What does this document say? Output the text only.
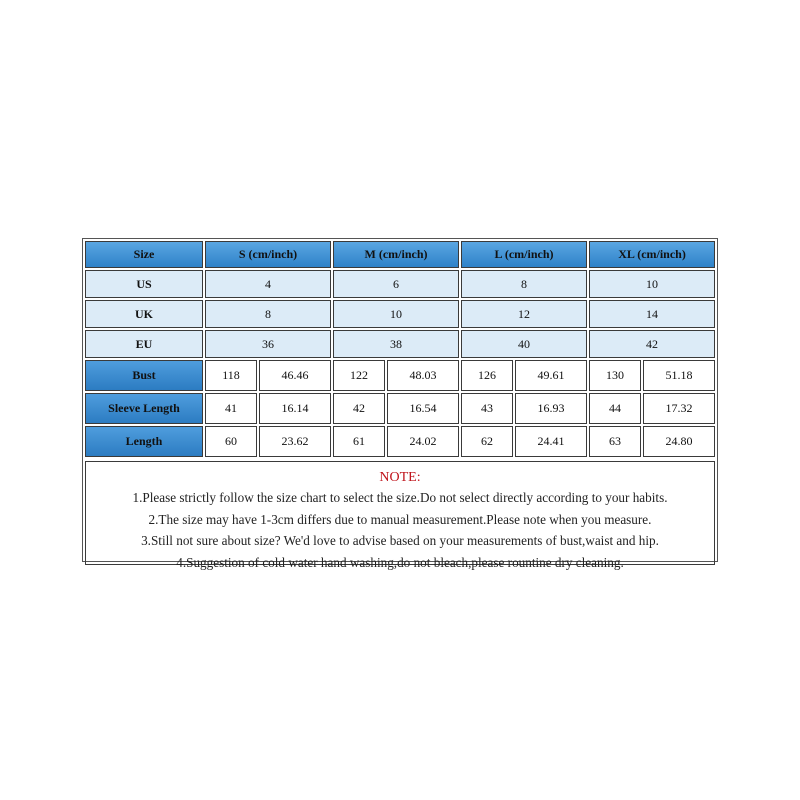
Size	S (cm/inch)		M (cm/inch)		L (cm/inch)		XL (cm/inch)	
US	4		6		8		10	
UK	8		10		12		14	
EU	36		38		40		42	
Bust	118	46.46	122	48.03	126	49.61	130	51.18
Sleeve Length	41	16.14	42	16.54	43	16.93	44	17.32
Length	60	23.62	61	24.02	62	24.41	63	24.80
NOTE:
1.Please strictly follow the size chart to select the size.Do not select directly according to your habits.
2.The size may have 1-3cm differs due to manual measurement.Please note when you measure.
3.Still not sure about size? We'd love to advise based on your measurements of bust,waist and hip.
4.Suggestion of cold water hand washing,do not bleach,please rountine dry cleaning.
